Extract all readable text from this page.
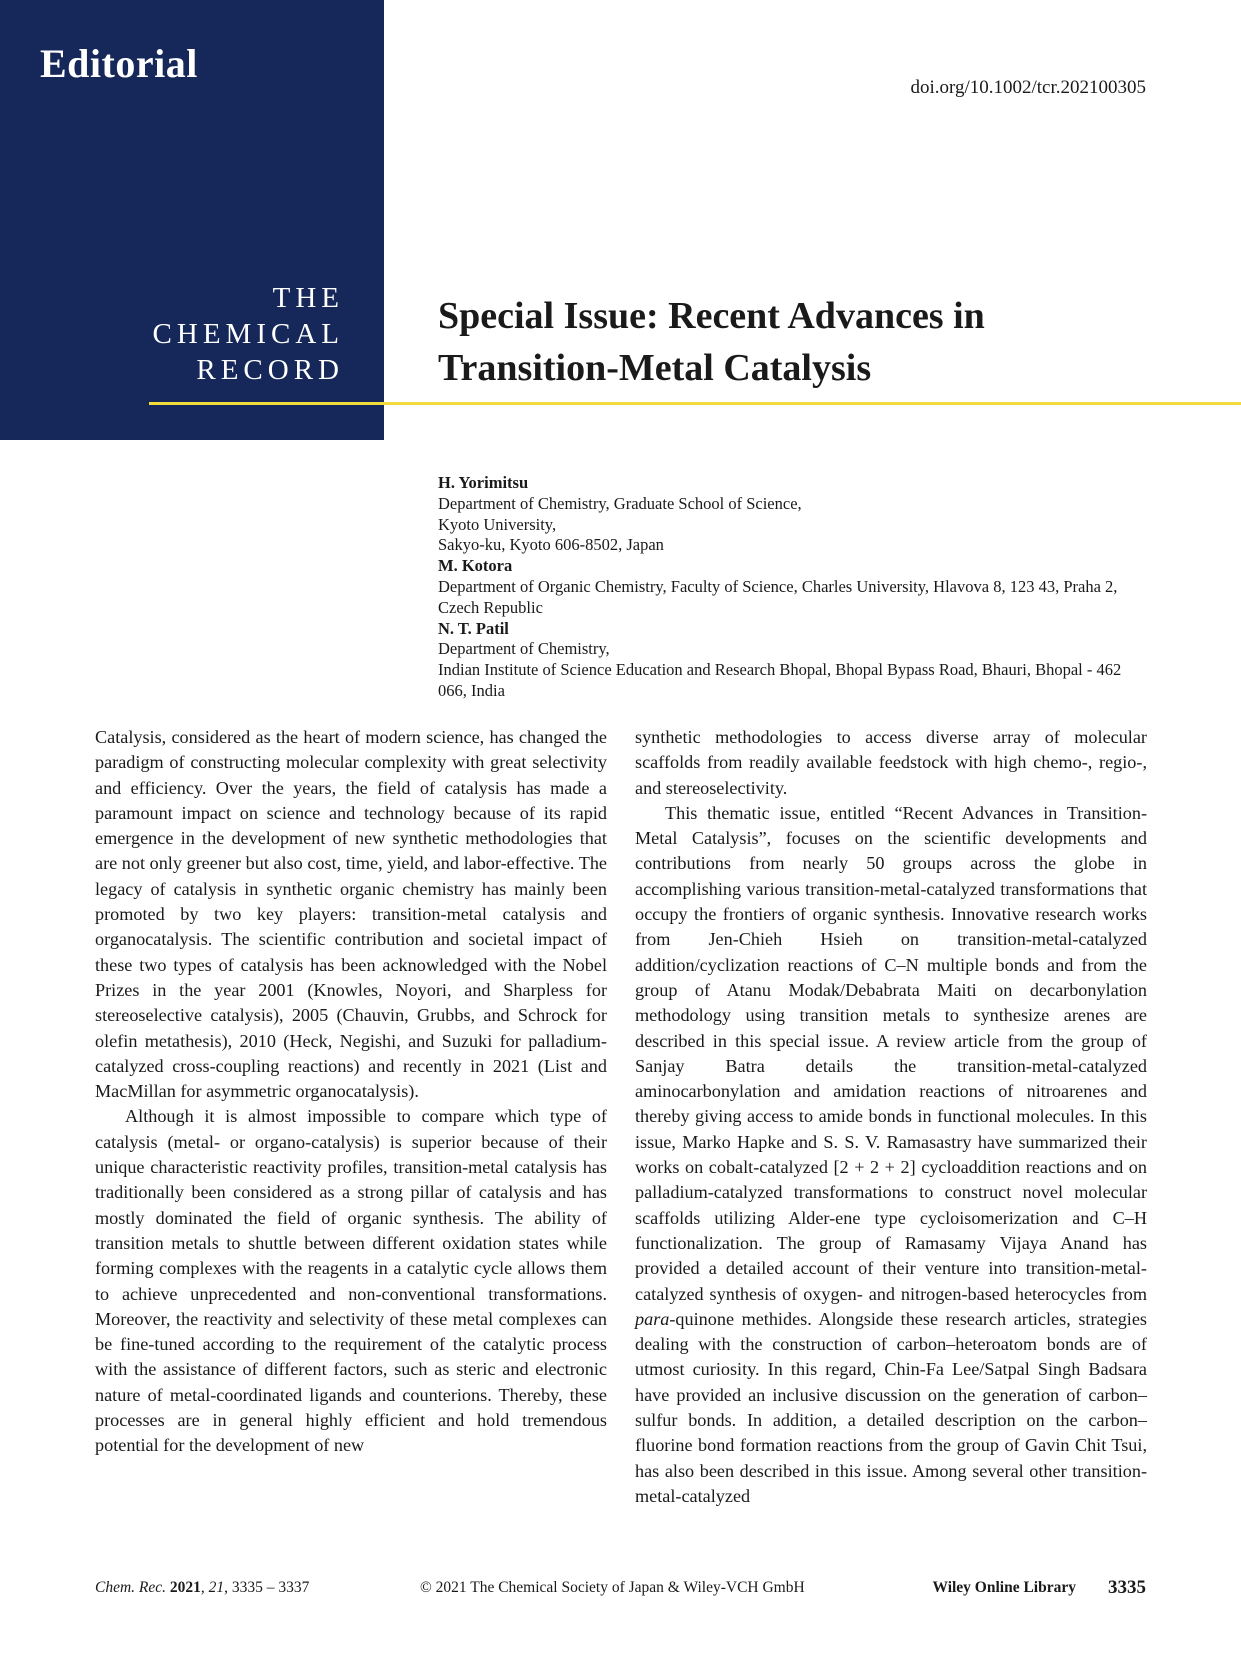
Editorial
THE
CHEMICAL
RECORD
doi.org/10.1002/tcr.202100305
Special Issue: Recent Advances in Transition-Metal Catalysis
H. Yorimitsu
Department of Chemistry, Graduate School of Science,
Kyoto University,
Sakyo-ku, Kyoto 606-8502, Japan
M. Kotora
Department of Organic Chemistry, Faculty of Science, Charles University, Hlavova 8, 123 43, Praha 2, Czech Republic
N. T. Patil
Department of Chemistry,
Indian Institute of Science Education and Research Bhopal, Bhopal Bypass Road, Bhauri, Bhopal - 462 066, India

Catalysis, considered as the heart of modern science, has changed the paradigm of constructing molecular complexity with great selectivity and efficiency. Over the years, the field of catalysis has made a paramount impact on science and technology because of its rapid emergence in the development of new synthetic methodologies that are not only greener but also cost, time, yield, and labor-effective. The legacy of catalysis in synthetic organic chemistry has mainly been promoted by two key players: transition-metal catalysis and organocatalysis. The scientific contribution and societal impact of these two types of catalysis has been acknowledged with the Nobel Prizes in the year 2001 (Knowles, Noyori, and Sharpless for stereoselective catalysis), 2005 (Chauvin, Grubbs, and Schrock for olefin metathesis), 2010 (Heck, Negishi, and Suzuki for palladium-catalyzed cross-coupling reactions) and recently in 2021 (List and MacMillan for asymmetric organocatalysis).

Although it is almost impossible to compare which type of catalysis (metal- or organo-catalysis) is superior because of their unique characteristic reactivity profiles, transition-metal catalysis has traditionally been considered as a strong pillar of catalysis and has mostly dominated the field of organic synthesis. The ability of transition metals to shuttle between different oxidation states while forming complexes with the reagents in a catalytic cycle allows them to achieve unprecedented and non-conventional transformations. Moreover, the reactivity and selectivity of these metal complexes can be fine-tuned according to the requirement of the catalytic process with the assistance of different factors, such as steric and electronic nature of metal-coordinated ligands and counterions. Thereby, these processes are in general highly efficient and hold tremendous potential for the development of new

synthetic methodologies to access diverse array of molecular scaffolds from readily available feedstock with high chemo-, regio-, and stereoselectivity.

This thematic issue, entitled “Recent Advances in Transition-Metal Catalysis”, focuses on the scientific developments and contributions from nearly 50 groups across the globe in accomplishing various transition-metal-catalyzed transformations that occupy the frontiers of organic synthesis. Innovative research works from Jen-Chieh Hsieh on transition-metal-catalyzed addition/cyclization reactions of C–N multiple bonds and from the group of Atanu Modak/Debabrata Maiti on decarbonylation methodology using transition metals to synthesize arenes are described in this special issue. A review article from the group of Sanjay Batra details the transition-metal-catalyzed aminocarbonylation and amidation reactions of nitroarenes and thereby giving access to amide bonds in functional molecules. In this issue, Marko Hapke and S. S. V. Ramasastry have summarized their works on cobalt-catalyzed [2 + 2 + 2] cycloaddition reactions and on palladium-catalyzed transformations to construct novel molecular scaffolds utilizing Alder-ene type cycloisomerization and C–H functionalization. The group of Ramasamy Vijaya Anand has provided a detailed account of their venture into transition-metal-catalyzed synthesis of oxygen- and nitrogen-based heterocycles from para-quinone methides. Alongside these research articles, strategies dealing with the construction of carbon–heteroatom bonds are of utmost curiosity. In this regard, Chin-Fa Lee/Satpal Singh Badsara have provided an inclusive discussion on the generation of carbon–sulfur bonds. In addition, a detailed description on the carbon–fluorine bond formation reactions from the group of Gavin Chit Tsui, has also been described in this issue. Among several other transition-metal-catalyzed

Chem. Rec. 2021, 21, 3335 – 3337	© 2021 The Chemical Society of Japan & Wiley-VCH GmbH	Wiley Online Library 3335
